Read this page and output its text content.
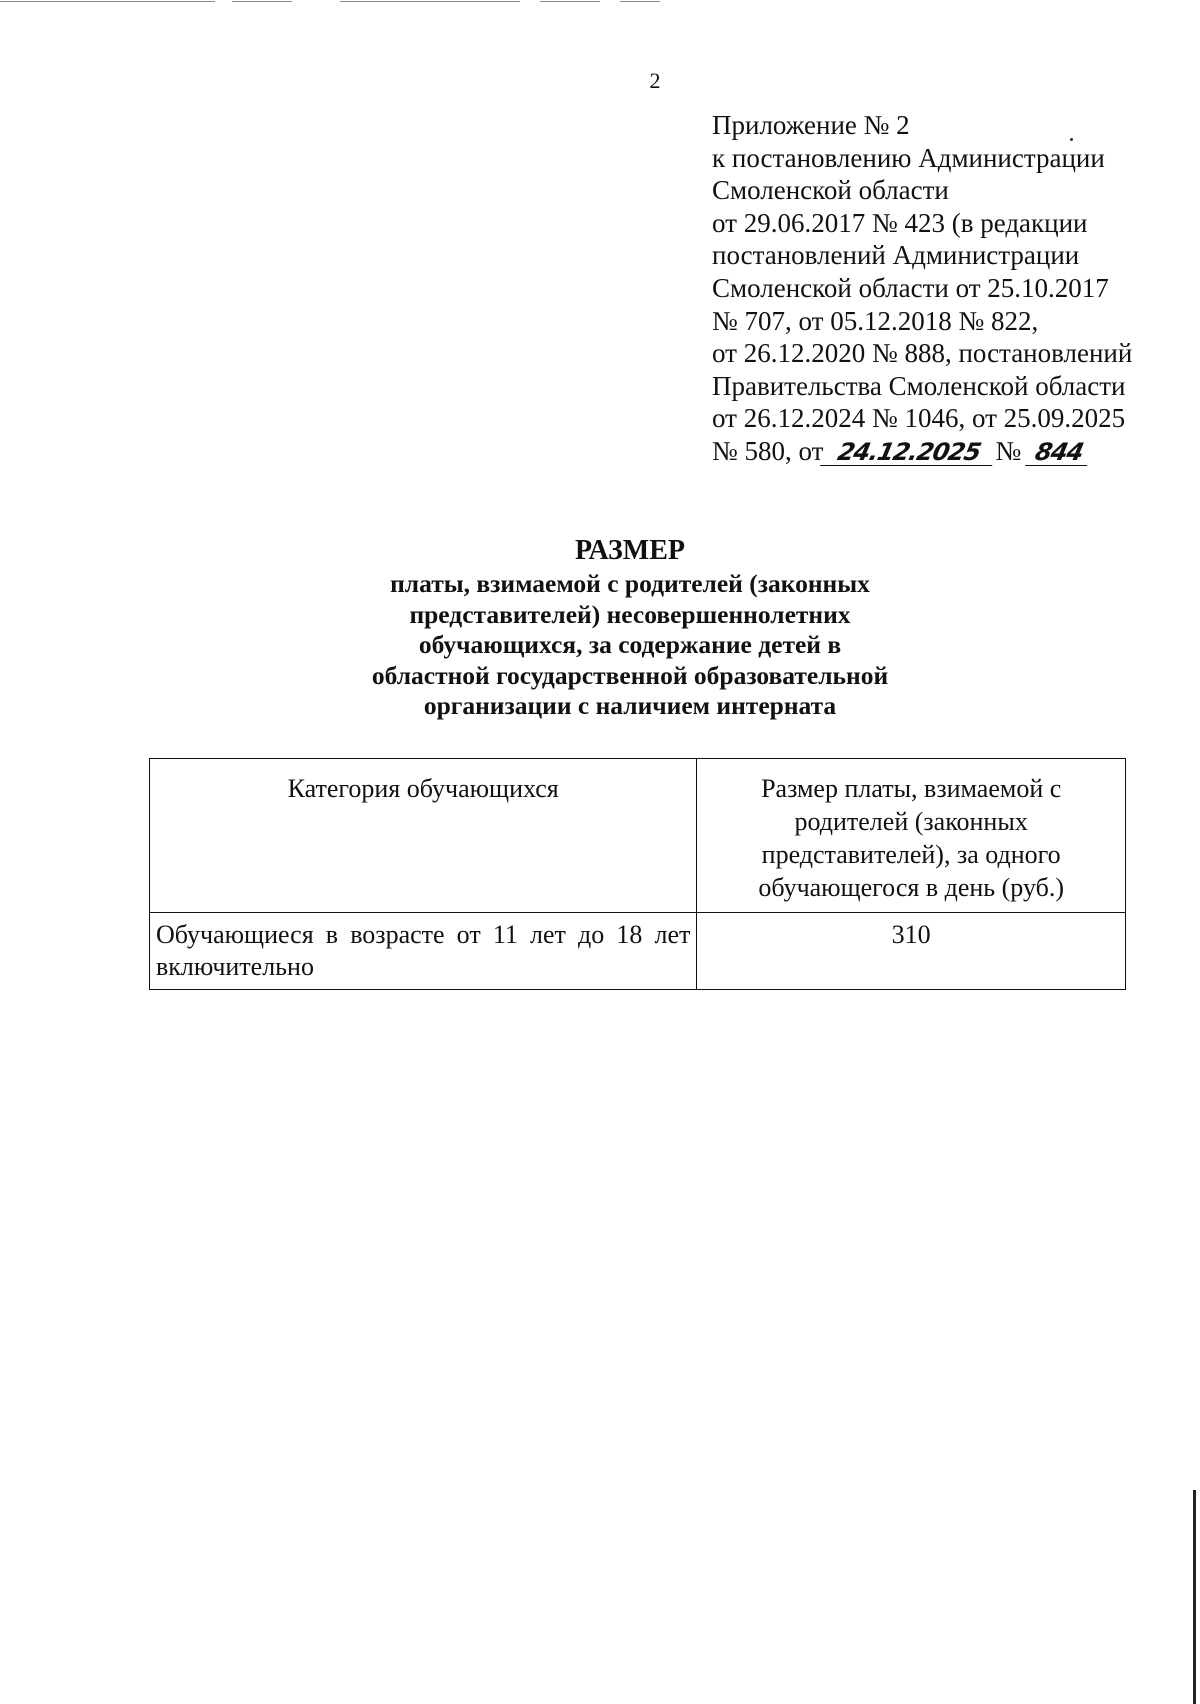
2
Приложение № 2
к постановлению Администрации
Смоленской области
от 29.06.2017 № 423 (в редакции
постановлений Администрации
Смоленской области от 25.10.2017
№ 707, от 05.12.2018 № 822,
от 26.12.2020 № 888, постановлений
Правительства Смоленской области
от 26.12.2024 № 1046, от 25.09.2025
№ 580, от 24.12.2025 № 844
РАЗМЕР
платы, взимаемой с родителей (законных
представителей) несовершеннолетних
обучающихся, за содержание детей в
областной государственной образовательной
организации с наличием интерната
Категория обучающихся	Размер платы, взимаемой с родителей (законных представителей), за одного обучающегося в день (руб.)
Обучающиеся в возрасте от 11 лет до 18 лет включительно	310
